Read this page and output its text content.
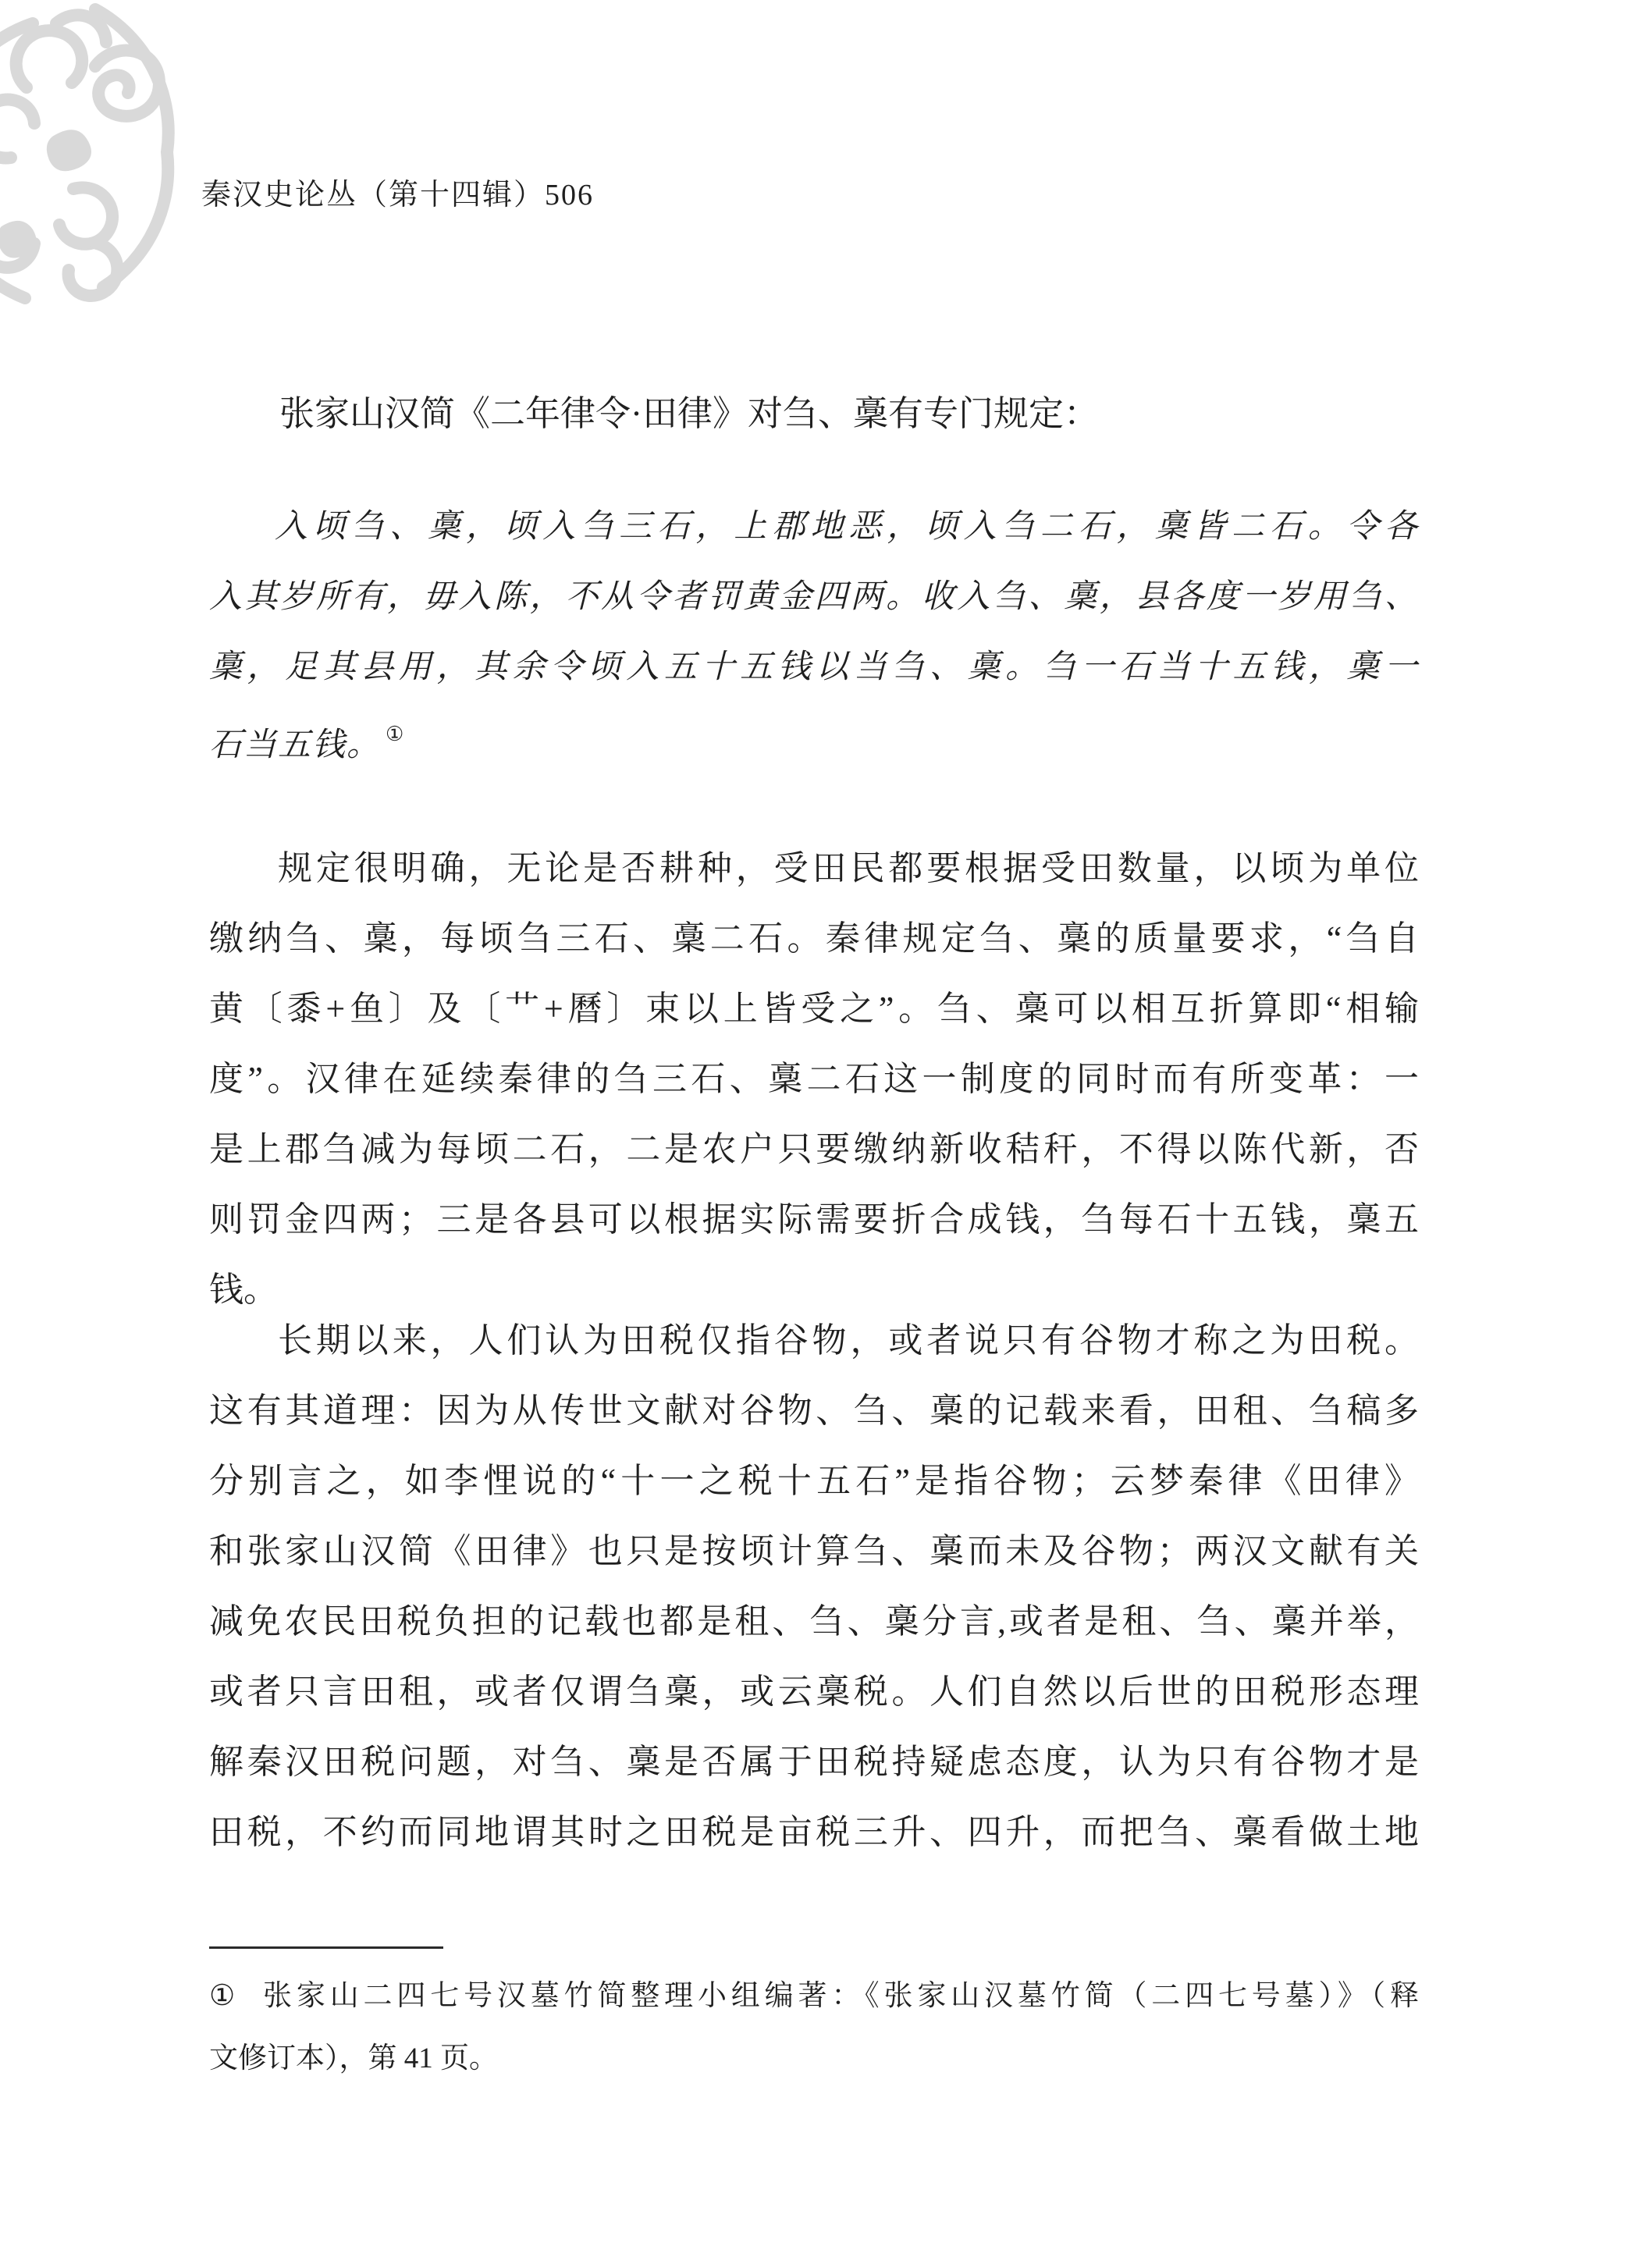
秦汉史论丛（第十四辑）506

张家山汉简《二年律令·田律》对刍、稾有专门规定：

入顷刍、稾，顷入刍三石，上郡地恶，顷入刍二石，稾皆二石。令各
入其岁所有，毋入陈，不从令者罚黄金四两。收入刍、稾，县各度一岁用刍、
稾，足其县用，其余令顷入五十五钱以当刍、稾。刍一石当十五钱，稾一
石当五钱。 ①
规定很明确，无论是否耕种，受田民都要根据受田数量，以顷为单位
缴纳刍、稾，每顷刍三石、稾二石。秦律规定刍、稾的质量要求，“刍自
黄〔黍+鱼〕及〔艹+曆〕束以上皆受之”。刍、稾可以相互折算即“相输
度”。汉律在延续秦律的刍三石、稾二石这一制度的同时而有所变革：一
是上郡刍减为每顷二石，二是农户只要缴纳新收秸秆，不得以陈代新，否
则罚金四两；三是各县可以根据实际需要折合成钱，刍每石十五钱，稾五
钱。
长期以来，人们认为田税仅指谷物，或者说只有谷物才称之为田税。
这有其道理：因为从传世文献对谷物、刍、稾的记载来看，田租、刍稿多
分别言之，如李悝说的“十一之税十五石”是指谷物；云梦秦律《田律》
和张家山汉简《田律》也只是按顷计算刍、稾而未及谷物；两汉文献有关
减免农民田税负担的记载也都是租、刍、稾分言,或者是租、刍、稾并举，
或者只言田租，或者仅谓刍稾，或云稾税。人们自然以后世的田税形态理
解秦汉田税问题，对刍、稾是否属于田税持疑虑态度，认为只有谷物才是
田税，不约而同地谓其时之田税是亩税三升、四升，而把刍、稾看做土地
① 张家山二四七号汉墓竹简整理小组编著：《张家山汉墓竹简（二四七号墓）》（释
文修订本），第 41 页。
